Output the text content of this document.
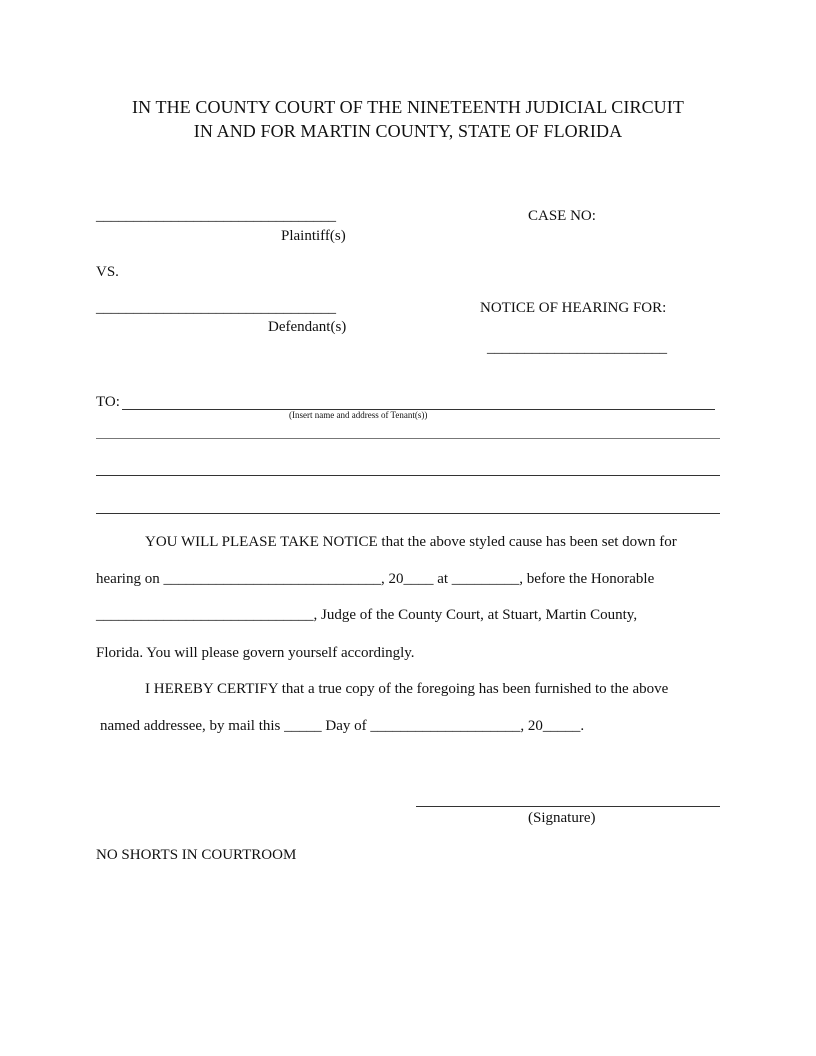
IN THE COUNTY COURT OF THE NINETEENTH JUDICIAL CIRCUIT
IN AND FOR MARTIN COUNTY, STATE OF FLORIDA
________________________________
Plaintiff(s)
CASE NO:
VS.
________________________________
Defendant(s)
NOTICE OF HEARING FOR:
________________________
TO:
(Insert name and address of Tenant(s))
YOU WILL PLEASE TAKE NOTICE that the above styled cause has been set down for
hearing on _____________________________, 20____ at _________, before the Honorable
_____________________________, Judge of the County Court, at Stuart, Martin County,
Florida. You will please govern yourself accordingly.
I HEREBY CERTIFY that a true copy of the foregoing has been furnished to the above
named addressee, by mail this _____ Day of ____________________, 20_____.
(Signature)
NO SHORTS IN COURTROOM
